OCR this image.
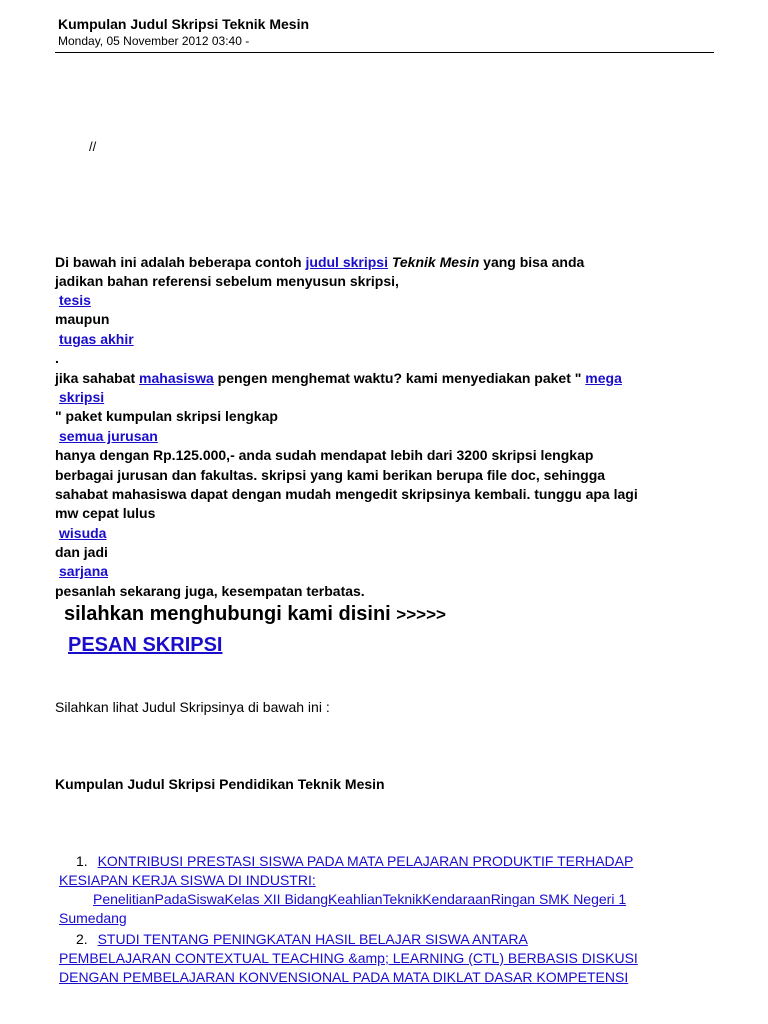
Kumpulan Judul Skripsi Teknik Mesin
Monday, 05 November 2012 03:40 -
//
Di bawah ini adalah beberapa contoh judul skripsi Teknik Mesin yang bisa anda
jadikan bahan referensi sebelum menyusun skripsi,
tesis
maupun
tugas akhir
.
jika sahabat mahasiswa pengen menghemat waktu? kami menyediakan paket " mega
skripsi
" paket kumpulan skripsi lengkap
semua jurusan
hanya dengan Rp.125.000,- anda sudah mendapat lebih dari 3200 skripsi lengkap
berbagai jurusan dan fakultas. skripsi yang kami berikan berupa file doc, sehingga
sahabat mahasiswa dapat dengan mudah mengedit skripsinya kembali. tunggu apa lagi
mw cepat lulus
wisuda
dan jadi
sarjana
pesanlah sekarang juga, kesempatan terbatas.
silahkan menghubungi kami disini >>>>>
PESAN SKRIPSI
Silahkan lihat Judul Skripsinya di bawah ini :
Kumpulan Judul Skripsi Pendidikan Teknik Mesin
1. KONTRIBUSI PRESTASI SISWA PADA MATA PELAJARAN PRODUKTIF TERHADAP
KESIAPAN KERJA SISWA DI INDUSTRI:
PenelitianPadaSiswaKelas XII BidangKeahlianTeknikKendaraanRingan SMK Negeri 1
Sumedang
2. STUDI TENTANG PENINGKATAN HASIL BELAJAR SISWA ANTARA
PEMBELAJARAN CONTEXTUAL TEACHING &amp; LEARNING (CTL) BERBASIS DISKUSI
DENGAN PEMBELAJARAN KONVENSIONAL PADA MATA DIKLAT DASAR KOMPETENSI
